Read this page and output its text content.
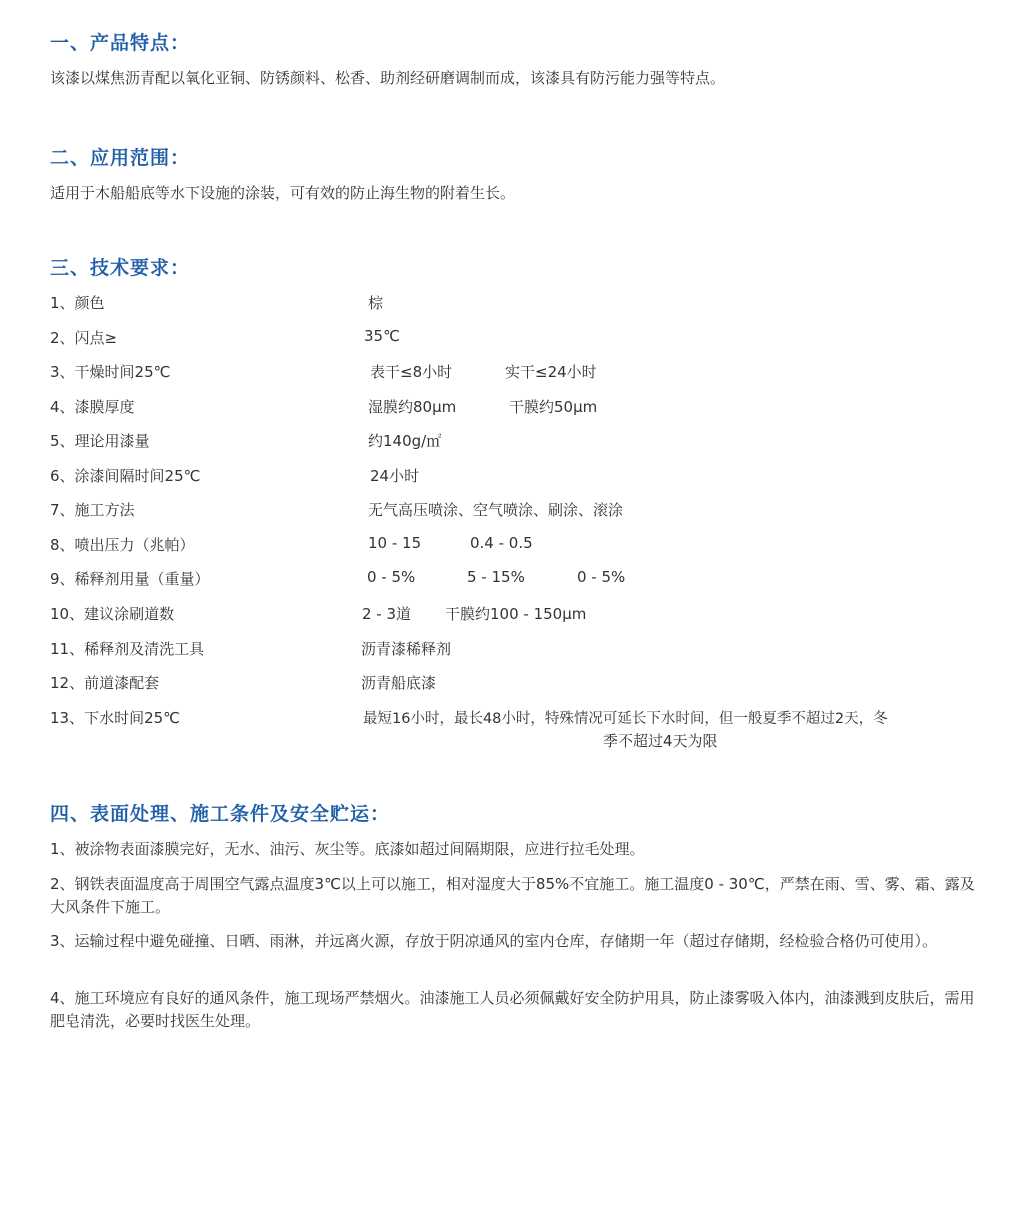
一、产品特点：
该漆以煤焦沥青配以氧化亚铜、防锈颜料、松香、助剂经研磨调制而成，该漆具有防污能力强等特点。
二、应用范围：
适用于木船船底等水下设施的涂装，可有效的防止海生物的附着生长。
三、技术要求：
1、颜色	棕
2、闪点≥	35℃
3、干燥时间25℃	表干≤8小时	实干≤24小时
4、漆膜厚度	湿膜约80μm	干膜约50μm
5、理论用漆量	约140g/㎡
6、涂漆间隔时间25℃	24小时
7、施工方法	无气高压喷涂、空气喷涂、刷涂、滚涂
8、喷出压力（兆帕）	10 - 15	0.4 - 0.5
9、稀释剂用量（重量）	0 - 5%	5 - 15%	0 - 5%
10、建议涂刷道数	2 - 3道 干膜约100 - 150μm
11、稀释剂及清洗工具	沥青漆稀释剂
12、前道漆配套	沥青船底漆
13、下水时间25℃	最短16小时，最长48小时，特殊情况可延长下水时间，但一般夏季不超过2天，冬
季不超过4天为限
四、表面处理、施工条件及安全贮运：
1、被涂物表面漆膜完好，无水、油污、灰尘等。底漆如超过间隔期限，应进行拉毛处理。
2、钢铁表面温度高于周围空气露点温度3℃以上可以施工，相对湿度大于85%不宜施工。施工温度0 - 30℃，严禁在雨、雪、雾、霜、露及大风条件下施工。
3、运输过程中避免碰撞、日晒、雨淋，并远离火源，存放于阴凉通风的室内仓库，存储期一年（超过存储期，经检验合格仍可使用）。
4、施工环境应有良好的通风条件，施工现场严禁烟火。油漆施工人员必须佩戴好安全防护用具，防止漆雾吸入体内，油漆溅到皮肤后，需用肥皂清洗，必要时找医生处理。
